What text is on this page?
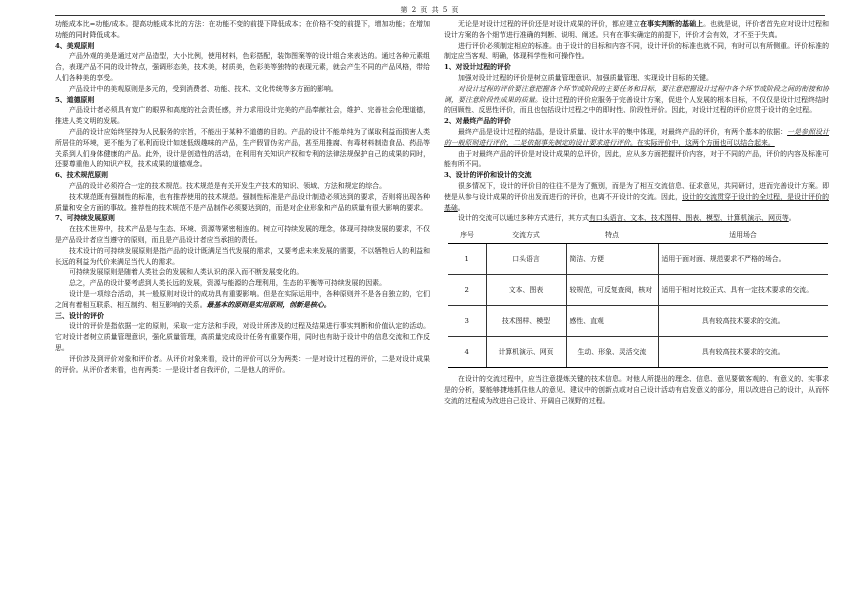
第 2 页 共 5 页

功能成本比=功能/成本。提高功能成本比的方法：在功能不变的前提下降低成本；在价格不变的前提下，增加功能；在增加功能的同时降低成本。

4、美观原则

产品外观的美是通过对产品造型，大小比例，使用材料，色彩搭配，装饰图案等的设计组合来表达的。通过各种元素组合，表现产品不同的设计特点，强调形态美，技术美，材质美，色彩美等独特的表现元素，就会产生不同的产品风格，带给人们各种美的享受。

产品设计中的美观原则是多元的，受到消费者、功能、技术、文化传统等多方面的影响。

5、道德原则

产品设计者必须具有宽广的眼界和高度的社会责任感，并力求用设计完美的产品奉献社会，维护、完善社会伦理道德，推进人类文明的发展。

产品的设计应始终坚持为人民服务的宗旨，不能出于某种不道德的目的。产品的设计不能单纯为了谋取利益而损害人类所居住的环境，更不能为了私利而设计如迷低级趣味的产品，生产假冒伪劣产品，甚至用推腐、有毒材料制造食品、药品等关系到人们身体健康的产品。此外，设计是创造性的活动，在利用有关知识产权和专利的法律法规保护自己的成果的同时，还要尊重他人的知识产权，技术成果的道德观念。

6、技术规范原则

产品的设计必须符合一定的技术规范。技术规范是有关开发生产技术的知识、领域、方法和规定的综合。

技术规范既有强制性的标准，也有推荐使用的技术规范。强制性标准是产品设计制造必须达到的要求，否则将出现各种质量和安全方面的事故。推荐性的技术规范不是产品制作必须要达到的，而是对企业形象和产品的质量有很大影响的要求。

7、可持续发展原则

在技术世界中，技术产品是与生态、环境、资源等紧密相连的。树立可持续发展的理念，体现可持续发展的要求，不仅是产品设计者应当遵守的原则，而且是产品设计者应当承担的责任。

技术设计的可持续发展原则是指产品的设计既满足当代发展的需求，又要考虑未来发展的需要，不以牺牲后人的利益和长远的利益为代价来满足当代人的需求。

可持续发展原则是随着人类社会的发展和人类认识的深入而不断发展变化的。

总之，产品的设计要考虑到人类长远的发展，资源与能源的合理利用，生态的平衡等可持续发展的因素。

设计是一项综合活动，其一般原则对设计的成功具有重要影响。但是在实际运用中，各种原则并不是各自独立的，它们之间有着相互联系、相互制约、相互影响的关系。最基本的原则是实用原则，创新是核心。

三、设计的评价

设计的评价是指依据一定的原则，采取一定方法和手段，对设计所涉及的过程及结果进行事实判断和价值认定的活动。它对设计者树立质量管理意识，强化质量管理，高质量完成设计任务有重要作用，同时也有助于设计中的信息交流和工作反思。

评价涉及到评价对象和评价者。从评价对象来看，设计的评价可以分为两类：一是对设计过程的评价，二是对设计成果的评价。从评价者来看，也有两类：一是设计者自我评价，二是他人的评价。

无论是对设计过程的评价还是对设计成果的评价，都应建立在事实判断的基础上。也就是说，评价者首先应对设计过程和设计方案的各个细节进行准确的判断、说明、阐述。只有在事实确定的前提下，评价才会有效，才不至于失真。

进行评价必须制定相应的标准。由于设计的目标和内容不同，设计评价的标准也就不同，有时可以有所侧重。评价标准的制定应当客观、明确，体现科学性和可操作性。

1、对设计过程的评价

加强对设计过程的评价是树立质量管理意识、加强质量管理、实现设计目标的关键。

对设计过程的评价要注意把握各个环节或阶段的主要任务和目标，要注意把握设计过程中各个环节或阶段之间的衔接和协调，要注意阶段性成果的质量。设计过程的评价应服务于完善设计方案，促进个人发展的根本目标，不仅仅是设计过程终结时的回顾性、反思性评价，而且也包括设计过程之中的即时性、阶段性评价。因此，对设计过程的评价应贯于设计的全过程。

2、对最终产品的评价

最终产品是设计过程的结晶，是设计质量、设计水平的集中体现，对最终产品的评价，有两个基本的依据：一是参照设计的一般原则进行评价，二是依据事先制定的设计要求进行评价。在实际评价中，这两个方面也可以结合起来。

由于对最终产品的评价是对设计成果的总评价，因此，应从多方面把握评价内容，对于不同的产品，评价的内容及标准可能有所不同。

3、设计的评价和设计的交流

很多情况下，设计的评价目的往往不是为了甄别，而是为了相互交流信息、征求意见，共同研讨，进而完善设计方案。即使是从参与设计成果的评价出发而进行的评价，也离不开设计的交流。因此，设计的交流贯穿于设计的全过程，是设计评价的基础。

设计的交流可以通过多种方式进行，其方式有口头语言、文本、技术图样、图表、模型、计算机演示、网页等。

序号	交流方式	特点	适用场合
1	口头语言	简洁、方便	适用于面对面、规范要求不严格的场合。
2	文本、图表	较规范，可反复查阅，核对	适用于相对比较正式、具有一定技术要求的交流。
3	技术图样、模型	感性、直观	具有较高技术要求的交流。
4	计算机演示、网页	生动、形象、灵活交流	具有较高技术要求的交流。

在设计的交流过程中，应当注意提炼关键的技术信息。对他人所提出的理念、信息、意见要做客观的、有意义的、实事求是的分析，要能够捷地抓住他人的意见、建议中的创新点或对自己设计活动有启发意义的部分，用以改进自己的设计，从而怀交流的过程成为改进自己设计、开阔自己视野的过程。
